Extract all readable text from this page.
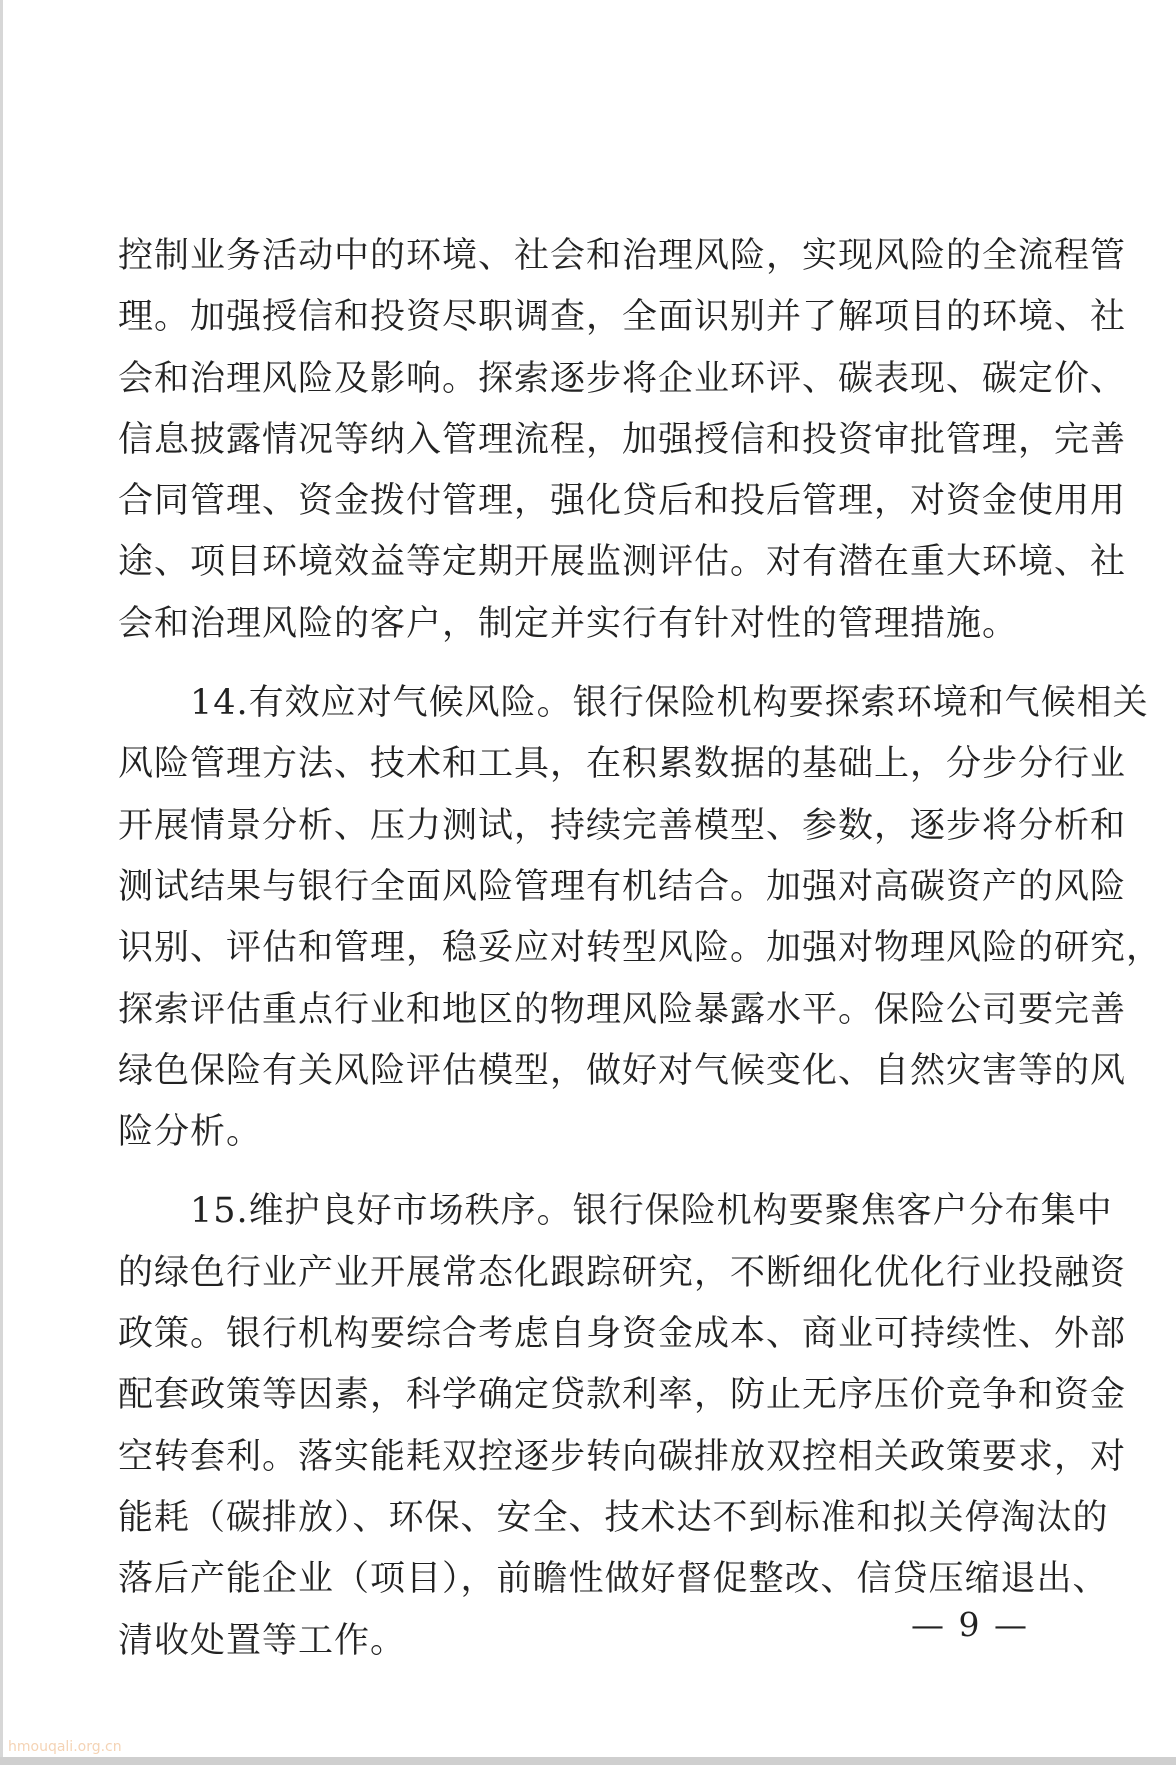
控制业务活动中的环境、社会和治理风险，实现风险的全流程管
理。加强授信和投资尽职调查，全面识别并了解项目的环境、社
会和治理风险及影响。探索逐步将企业环评、碳表现、碳定价、
信息披露情况等纳入管理流程，加强授信和投资审批管理，完善
合同管理、资金拨付管理，强化贷后和投后管理，对资金使用用
途、项目环境效益等定期开展监测评估。对有潜在重大环境、社
会和治理风险的客户，制定并实行有针对性的管理措施。
　　14.有效应对气候风险。银行保险机构要探索环境和气候相关
风险管理方法、技术和工具，在积累数据的基础上，分步分行业
开展情景分析、压力测试，持续完善模型、参数，逐步将分析和
测试结果与银行全面风险管理有机结合。加强对高碳资产的风险
识别、评估和管理，稳妥应对转型风险。加强对物理风险的研究，
探索评估重点行业和地区的物理风险暴露水平。保险公司要完善
绿色保险有关风险评估模型，做好对气候变化、自然灾害等的风
险分析。
　　15.维护良好市场秩序。银行保险机构要聚焦客户分布集中
的绿色行业产业开展常态化跟踪研究，不断细化优化行业投融资
政策。银行机构要综合考虑自身资金成本、商业可持续性、外部
配套政策等因素，科学确定贷款利率，防止无序压价竞争和资金
空转套利。落实能耗双控逐步转向碳排放双控相关政策要求，对
能耗（碳排放）、环保、安全、技术达不到标准和拟关停淘汰的
落后产能企业（项目），前瞻性做好督促整改、信贷压缩退出、
清收处置等工作。	— 9 —
hmouqali.org.cn
